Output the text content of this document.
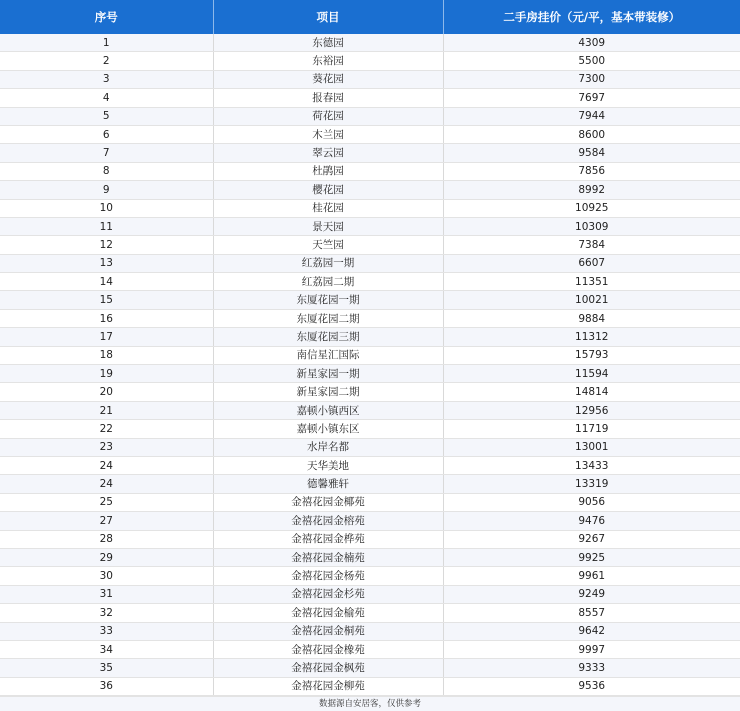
序号	项目	二手房挂价（元/平，基本带装修）
1	东德园	4309
2	东裕园	5500
3	葵花园	7300
4	报春园	7697
5	荷花园	7944
6	木兰园	8600
7	翠云园	9584
8	杜鹃园	7856
9	樱花园	8992
10	桂花园	10925
11	景天园	10309
12	天竺园	7384
13	红荔园一期	6607
14	红荔园二期	11351
15	东厦花园一期	10021
16	东厦花园二期	9884
17	东厦花园三期	11312
18	南信星汇国际	15793
19	新星家园一期	11594
20	新星家园二期	14814
21	嘉顿小镇西区	12956
22	嘉顿小镇东区	11719
23	水岸名都	13001
24	天华美地	13433
24	德馨雅轩	13319
25	金禧花园金椰苑	9056
27	金禧花园金榕苑	9476
28	金禧花园金桦苑	9267
29	金禧花园金楠苑	9925
30	金禧花园金杨苑	9961
31	金禧花园金杉苑	9249
32	金禧花园金榆苑	8557
33	金禧花园金桐苑	9642
34	金禧花园金橡苑	9997
35	金禧花园金枫苑	9333
36	金禧花园金柳苑	9536
数据源自安居客，仅供参考
